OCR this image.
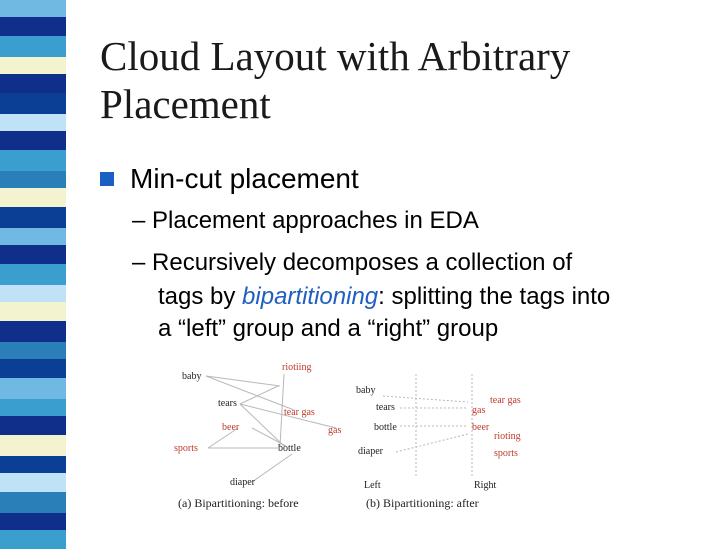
Cloud Layout with Arbitrary
Placement
Min-cut placement
– Placement approaches in EDA
– Recursively decomposes a collection of
tags by bipartitioning: splitting the tags into
a “left” group and a “right” group
riotiing
baby
tears
tear gas
beer	gas
sports	bottle
diaper
baby
tears
bottle
diaper
tear gas
gas
beer
rioting
sports
Left	Right
(a) Bipartitioning: before	(b) Bipartitioning: after
